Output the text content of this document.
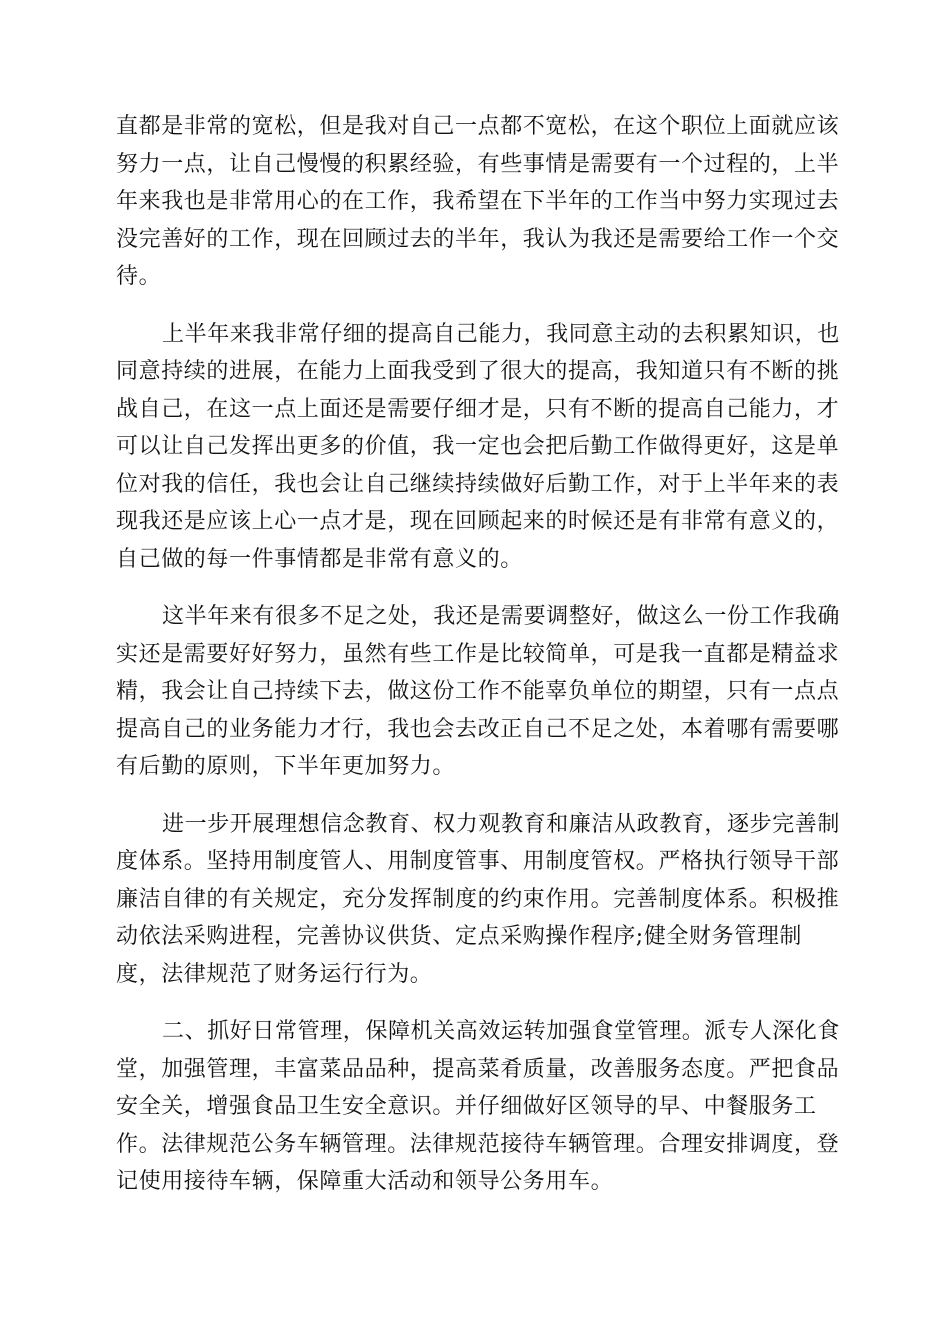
直都是非常的宽松，但是我对自己一点都不宽松，在这个职位上面就应该
努力一点，让自己慢慢的积累经验，有些事情是需要有一个过程的，上半
年来我也是非常用心的在工作，我希望在下半年的工作当中努力实现过去
没完善好的工作，现在回顾过去的半年，我认为我还是需要给工作一个交
待。

上半年来我非常仔细的提高自己能力，我同意主动的去积累知识，也
同意持续的进展，在能力上面我受到了很大的提高，我知道只有不断的挑
战自己，在这一点上面还是需要仔细才是，只有不断的提高自己能力，才
可以让自己发挥出更多的价值，我一定也会把后勤工作做得更好，这是单
位对我的信任，我也会让自己继续持续做好后勤工作，对于上半年来的表
现我还是应该上心一点才是，现在回顾起来的时候还是有非常有意义的，
自己做的每一件事情都是非常有意义的。

这半年来有很多不足之处，我还是需要调整好，做这么一份工作我确
实还是需要好好努力，虽然有些工作是比较简单，可是我一直都是精益求
精，我会让自己持续下去，做这份工作不能辜负单位的期望，只有一点点
提高自己的业务能力才行，我也会去改正自己不足之处，本着哪有需要哪
有后勤的原则，下半年更加努力。

进一步开展理想信念教育、权力观教育和廉洁从政教育，逐步完善制
度体系。坚持用制度管人、用制度管事、用制度管权。严格执行领导干部
廉洁自律的有关规定，充分发挥制度的约束作用。完善制度体系。积极推
动依法采购进程，完善协议供货、定点采购操作程序;健全财务管理制
度，法律规范了财务运行行为。

二、抓好日常管理，保障机关高效运转加强食堂管理。派专人深化食
堂，加强管理，丰富菜品品种，提高菜肴质量，改善服务态度。严把食品
安全关，增强食品卫生安全意识。并仔细做好区领导的早、中餐服务工
作。法律规范公务车辆管理。法律规范接待车辆管理。合理安排调度，登
记使用接待车辆，保障重大活动和领导公务用车。
